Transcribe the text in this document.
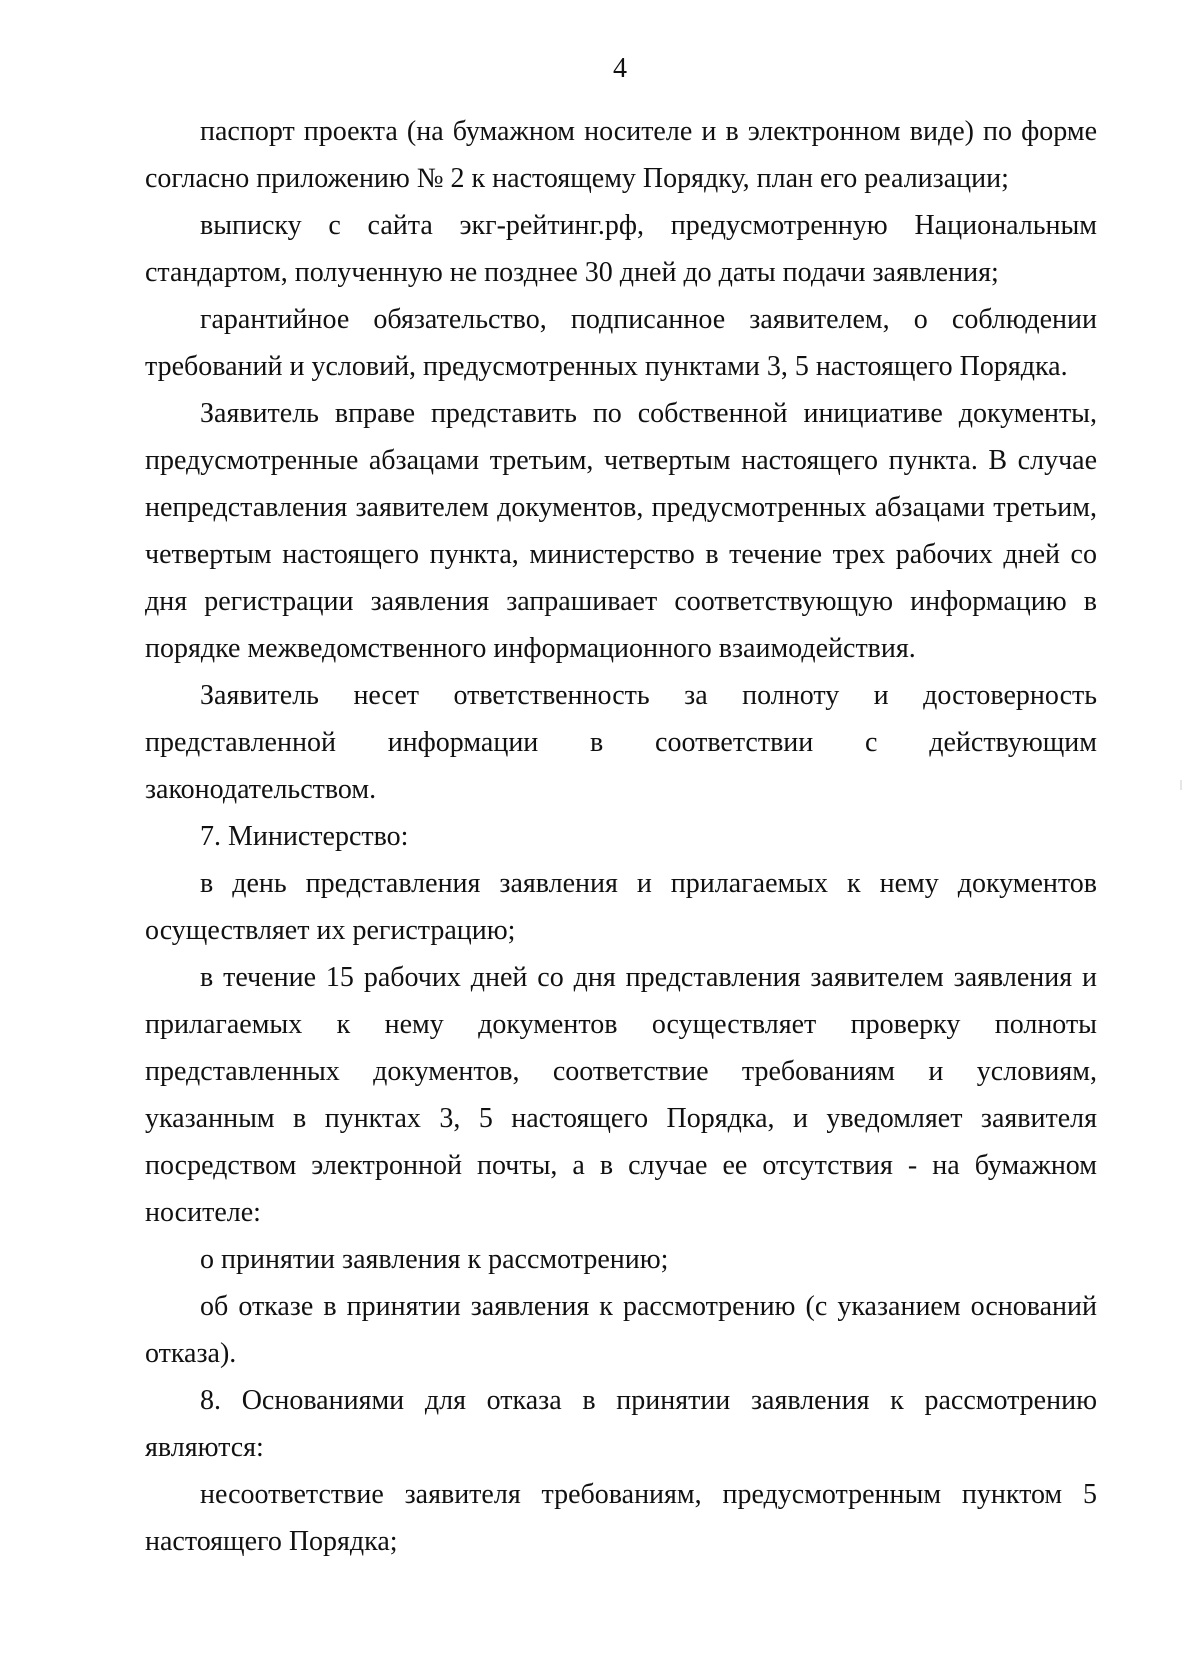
4

паспорт проекта (на бумажном носителе и в электронном виде) по форме согласно приложению № 2 к настоящему Порядку, план его реализации;

выписку с сайта экг-рейтинг.рф, предусмотренную Национальным стандартом, полученную не позднее 30 дней до даты подачи заявления;

гарантийное обязательство, подписанное заявителем, о соблюдении требований и условий, предусмотренных пунктами 3, 5 настоящего Порядка.

Заявитель вправе представить по собственной инициативе документы, предусмотренные абзацами третьим, четвертым настоящего пункта. В случае непредставления заявителем документов, предусмотренных абзацами третьим, четвертым настоящего пункта, министерство в течение трех рабочих дней со дня регистрации заявления запрашивает соответствующую информацию в порядке межведомственного информационного взаимодействия.

Заявитель несет ответственность за полноту и достоверность представленной информации в соответствии с действующим законодательством.

7. Министерство:

в день представления заявления и прилагаемых к нему документов осуществляет их регистрацию;

в течение 15 рабочих дней со дня представления заявителем заявления и прилагаемых к нему документов осуществляет проверку полноты представленных документов, соответствие требованиям и условиям, указанным в пунктах 3, 5 настоящего Порядка, и уведомляет заявителя посредством электронной почты, а в случае ее отсутствия - на бумажном носителе:

о принятии заявления к рассмотрению;

об отказе в принятии заявления к рассмотрению (с указанием оснований отказа).

8. Основаниями для отказа в принятии заявления к рассмотрению являются:

несоответствие заявителя требованиям, предусмотренным пунктом 5 настоящего Порядка;
